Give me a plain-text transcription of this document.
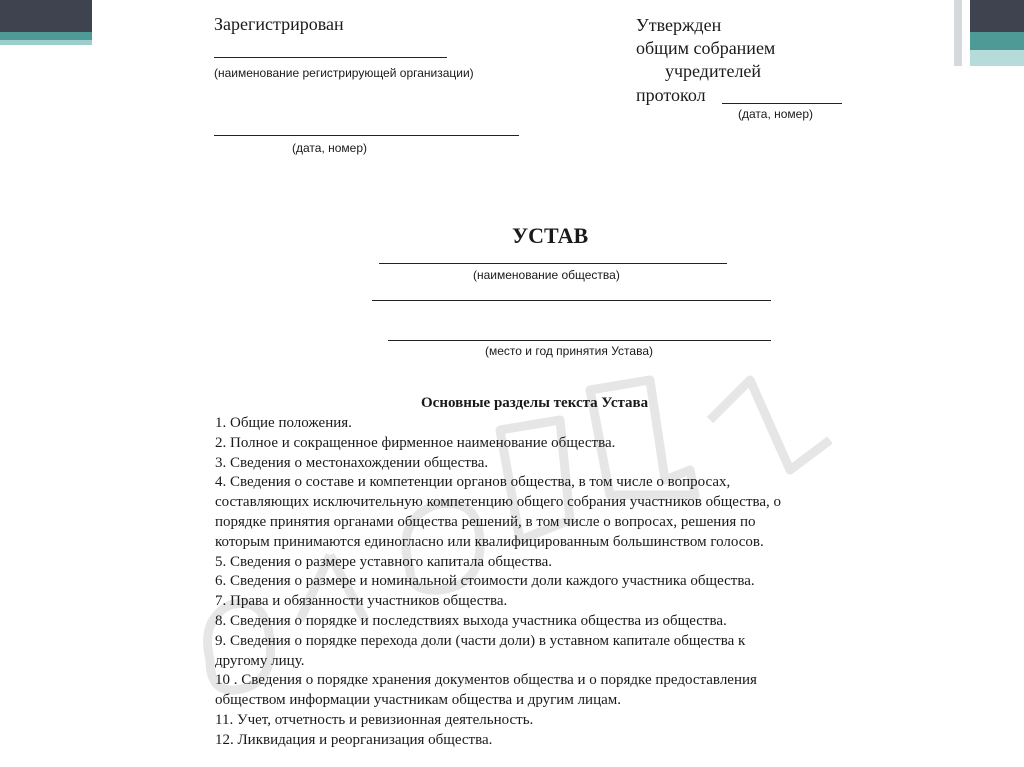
Зарегистрирован
(наименование регистрирующей организации)
(дата, номер)
Утвержден
общим собранием
учредителей
протокол
(дата, номер)
УСТАВ
(наименование общества)
(место и год принятия Устава)
Основные разделы текста Устава
1. Общие положения.
2. Полное и сокращенное фирменное наименование общества.
3. Сведения о местонахождении общества.
4. Сведения о составе и компетенции органов общества, в том числе о вопросах,
составляющих исключительную компетенцию общего собрания участников общества, о
порядке принятия органами общества решений, в том числе о вопросах, решения по
которым принимаются единогласно или квалифицированным большинством голосов.
5. Сведения о размере уставного капитала общества.
6. Сведения о размере и номинальной стоимости доли каждого участника общества.
7. Права и обязанности участников общества.
8. Сведения о порядке и последствиях выхода участника общества из общества.
9. Сведения о порядке перехода доли (части доли) в уставном капитале общества к
другому лицу.
10 . Сведения о порядке хранения документов общества и о порядке предоставления
обществом информации участникам общества и другим лицам.
11. Учет, отчетность и ревизионная деятельность.
12. Ликвидация и реорганизация общества.
